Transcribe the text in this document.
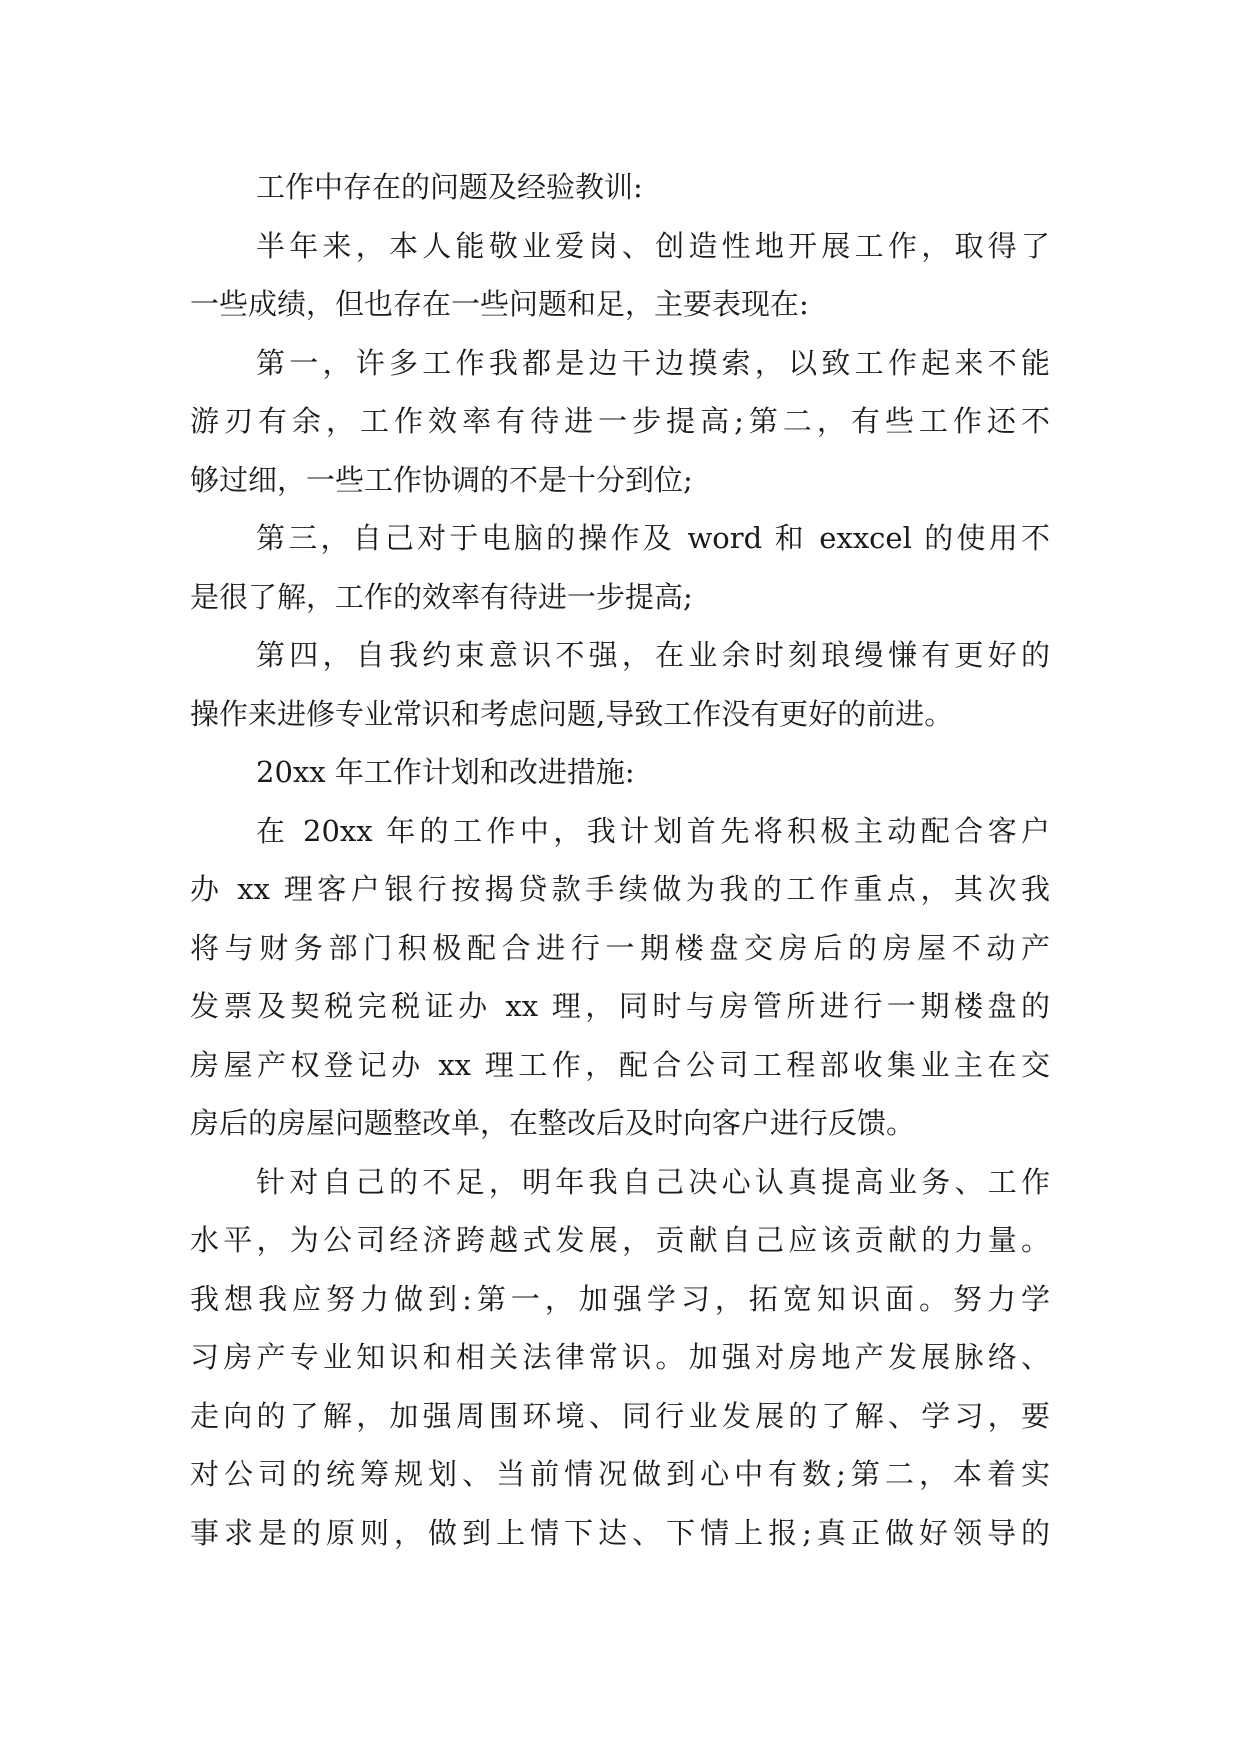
工作中存在的问题及经验教训:
半年来，本人能敬业爱岗、创造性地开展工作，取得了
一些成绩，但也存在一些问题和足，主要表现在:
第一，许多工作我都是边干边摸索，以致工作起来不能
游刃有余，工作效率有待进一步提高;第二，有些工作还不
够过细，一些工作协调的不是十分到位;
第三，自己对于电脑的操作及 word 和 exxcel 的使用不
是很了解，工作的效率有待进一步提高;
第四，自我约束意识不强，在业余时刻琅缦慊有更好的
操作来进修专业常识和考虑问题,导致工作没有更好的前进。
20xx 年工作计划和改进措施:
在 20xx 年的工作中，我计划首先将积极主动配合客户
办 xx 理客户银行按揭贷款手续做为我的工作重点，其次我
将与财务部门积极配合进行一期楼盘交房后的房屋不动产
发票及契税完税证办 xx 理，同时与房管所进行一期楼盘的
房屋产权登记办 xx 理工作，配合公司工程部收集业主在交
房后的房屋问题整改单，在整改后及时向客户进行反馈。
针对自己的不足，明年我自己决心认真提高业务、工作
水平，为公司经济跨越式发展，贡献自己应该贡献的力量。
我想我应努力做到:第一，加强学习，拓宽知识面。努力学
习房产专业知识和相关法律常识。加强对房地产发展脉络、
走向的了解，加强周围环境、同行业发展的了解、学习，要
对公司的统筹规划、当前情况做到心中有数;第二，本着实
事求是的原则，做到上情下达、下情上报;真正做好领导的
